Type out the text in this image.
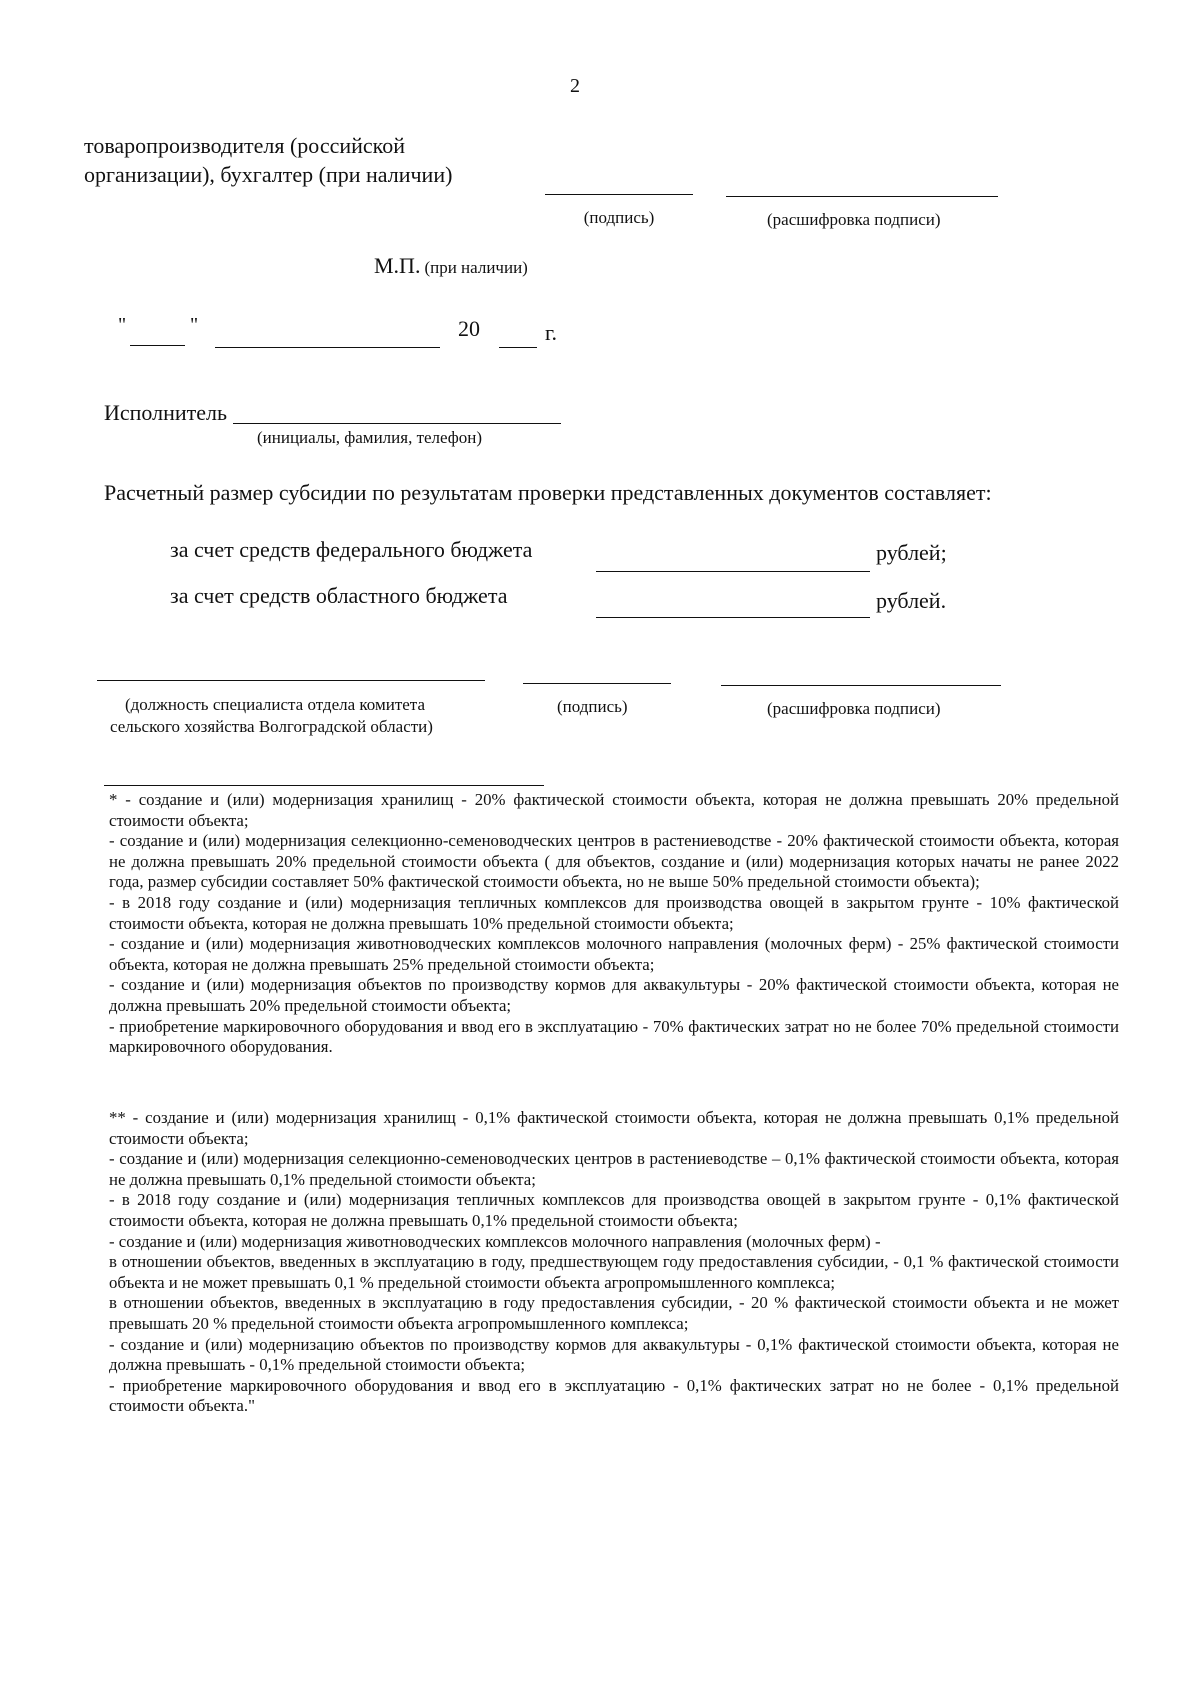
2
товаропроизводителя (российской
организации), бухгалтер (при наличии)
(подпись)	(расшифровка подписи)
М.П. (при наличии)
"	"	20	г.
Исполнитель
(инициалы, фамилия, телефон)
Расчетный размер субсидии по результатам проверки представленных документов составляет:
за счет средств федерального бюджета	рублей;
за счет средств областного бюджета	рублей.
(должность специалиста отдела комитета
сельского хозяйства Волгоградской области)
(подпись)	(расшифровка подписи)

* - создание и (или) модернизация хранилищ - 20% фактической стоимости объекта, которая не должна превышать 20% предельной стоимости объекта;

- создание и (или) модернизация селекционно-семеноводческих центров в растениеводстве - 20% фактической стоимости объекта, которая не должна превышать 20% предельной стоимости объекта ( для объектов, создание и (или) модернизация которых начаты не ранее 2022 года, размер субсидии составляет 50% фактической стоимости объекта, но не выше 50% предельной стоимости объекта);

- в 2018 году создание и (или) модернизация тепличных комплексов для производства овощей в закрытом грунте - 10% фактической стоимости объекта, которая не должна превышать 10% предельной стоимости объекта;

- создание и (или) модернизация животноводческих комплексов молочного направления (молочных ферм) - 25% фактической стоимости объекта, которая не должна превышать 25% предельной стоимости объекта;

- создание и (или) модернизация объектов по производству кормов для аквакультуры - 20% фактической стоимости объекта, которая не должна превышать 20% предельной стоимости объекта;

- приобретение маркировочного оборудования и ввод его в эксплуатацию - 70% фактических затрат но не более 70% предельной стоимости маркировочного оборудования.

** - создание и (или) модернизация хранилищ - 0,1% фактической стоимости объекта, которая не должна превышать 0,1% предельной стоимости объекта;

- создание и (или) модернизация селекционно-семеноводческих центров в растениеводстве – 0,1% фактической стоимости объекта, которая не должна превышать 0,1% предельной стоимости объекта;

- в 2018 году создание и (или) модернизация тепличных комплексов для производства овощей в закрытом грунте - 0,1% фактической стоимости объекта, которая не должна превышать 0,1% предельной стоимости объекта;

- создание и (или) модернизация животноводческих комплексов молочного направления (молочных ферм) -

в отношении объектов, введенных в эксплуатацию в году, предшествующем году предоставления субсидии, - 0,1 % фактической стоимости объекта и не может превышать 0,1 % предельной стоимости объекта агропромышленного комплекса;

в отношении объектов, введенных в эксплуатацию в году предоставления субсидии, - 20 % фактической стоимости объекта и не может превышать 20 % предельной стоимости объекта агропромышленного комплекса;

- создание и (или) модернизацию объектов по производству кормов для аквакультуры - 0,1% фактической стоимости объекта, которая не должна превышать - 0,1% предельной стоимости объекта;

- приобретение маркировочного оборудования и ввод его в эксплуатацию - 0,1% фактических затрат но не более - 0,1% предельной стоимости объекта."
